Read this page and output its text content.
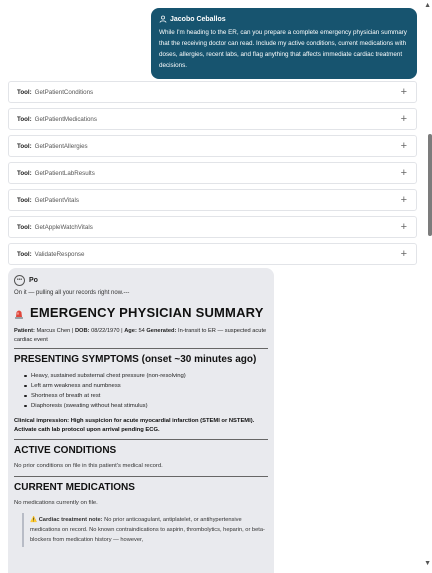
Jacobo Ceballos
While I'm heading to the ER, can you prepare a complete emergency physician summary that the receiving doctor can read. Include my active conditions, current medications with doses, allergies, recent labs, and flag anything that affects immediate cardiac treatment decisions.
Tool: GetPatientConditions	+
Tool: GetPatientMedications	+
Tool: GetPatientAllergies	+
Tool: GetPatientLabResults	+
Tool: GetPatientVitals	+
Tool: GetAppleWatchVitals	+
Tool: ValidateResponse	+
••• Po
On it — pulling all your records right now.---
EMERGENCY PHYSICIAN SUMMARY
Patient: Marcus Chen | DOB: 08/22/1970 | Age: 54 Generated: In-transit to ER — suspected acute cardiac event
PRESENTING SYMPTOMS (onset ~30 minutes ago)
Heavy, sustained substernal chest pressure (non-resolving)
Left arm weakness and numbness
Shortness of breath at rest
Diaphoresis (sweating without heat stimulus)
Clinical impression: High suspicion for acute myocardial infarction (STEMI or NSTEMI). Activate cath lab protocol upon arrival pending ECG.
ACTIVE CONDITIONS
No prior conditions on file in this patient's medical record.
CURRENT MEDICATIONS
No medications currently on file.
⚠️ Cardiac treatment note: No prior anticoagulant, antiplatelet, or antihypertensive medications on record. No known contraindications to aspirin, thrombolytics, heparin, or beta-blockers from medication history — however,
▲
▼
